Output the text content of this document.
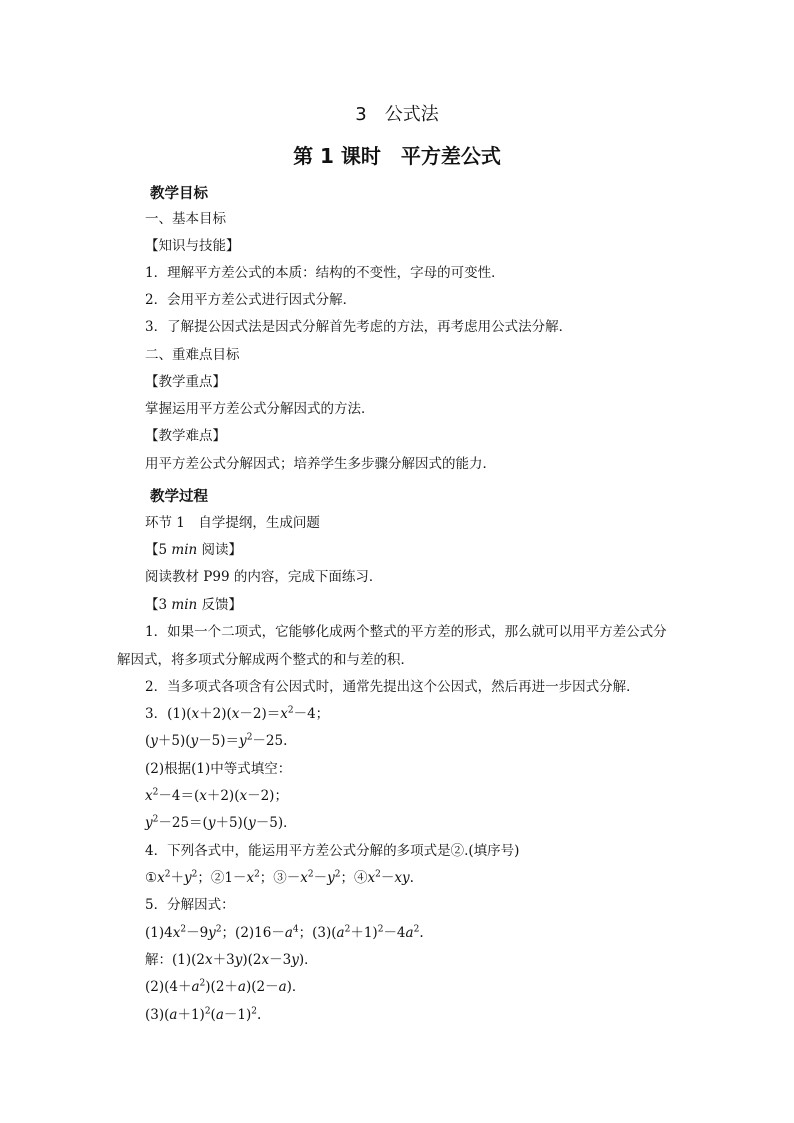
3　公式法
第 1 课时　平方差公式
教学目标
一、基本目标
【知识与技能】
1．理解平方差公式的本质：结构的不变性，字母的可变性．
2．会用平方差公式进行因式分解．
3．了解提公因式法是因式分解首先考虑的方法，再考虑用公式法分解．
二、重难点目标
【教学重点】
掌握运用平方差公式分解因式的方法．
【教学难点】
用平方差公式分解因式；培养学生多步骤分解因式的能力．
教学过程
环节 1　自学提纲，生成问题
【5 min 阅读】
阅读教材 P99 的内容，完成下面练习．
【3 min 反馈】
1．如果一个二项式，它能够化成两个整式的平方差的形式，那么就可以用平方差公式分
解因式，将多项式分解成两个整式的和与差的积．
2．当多项式各项含有公因式时，通常先提出这个公因式，然后再进一步因式分解．
3．$(1)(x+2)(x-2)=x^2-4$；
$(y+5)(y-5)=y^2-25$.
(2)根据(1)中等式填空：
$x^2-4=(x+2)(x-2)$；
$y^2-25=(y+5)(y-5)$．
4．下列各式中，能运用平方差公式分解的多项式是②.(填序号)
$①x^2+y^2$；$②1-x^2$；$③-x^2-y^2$；$④x^2-xy$.
5．分解因式：
$(1)4x^2-9y^2$；$(2)16-a^4$；$(3)(a^2+1)^2-4a^2$.
解：(1)(2x＋3y)(2x－3y)．
$(2)(4+a^2)(2+a)(2-a)$．
$(3)(a+1)^2(a-1)^2$.
